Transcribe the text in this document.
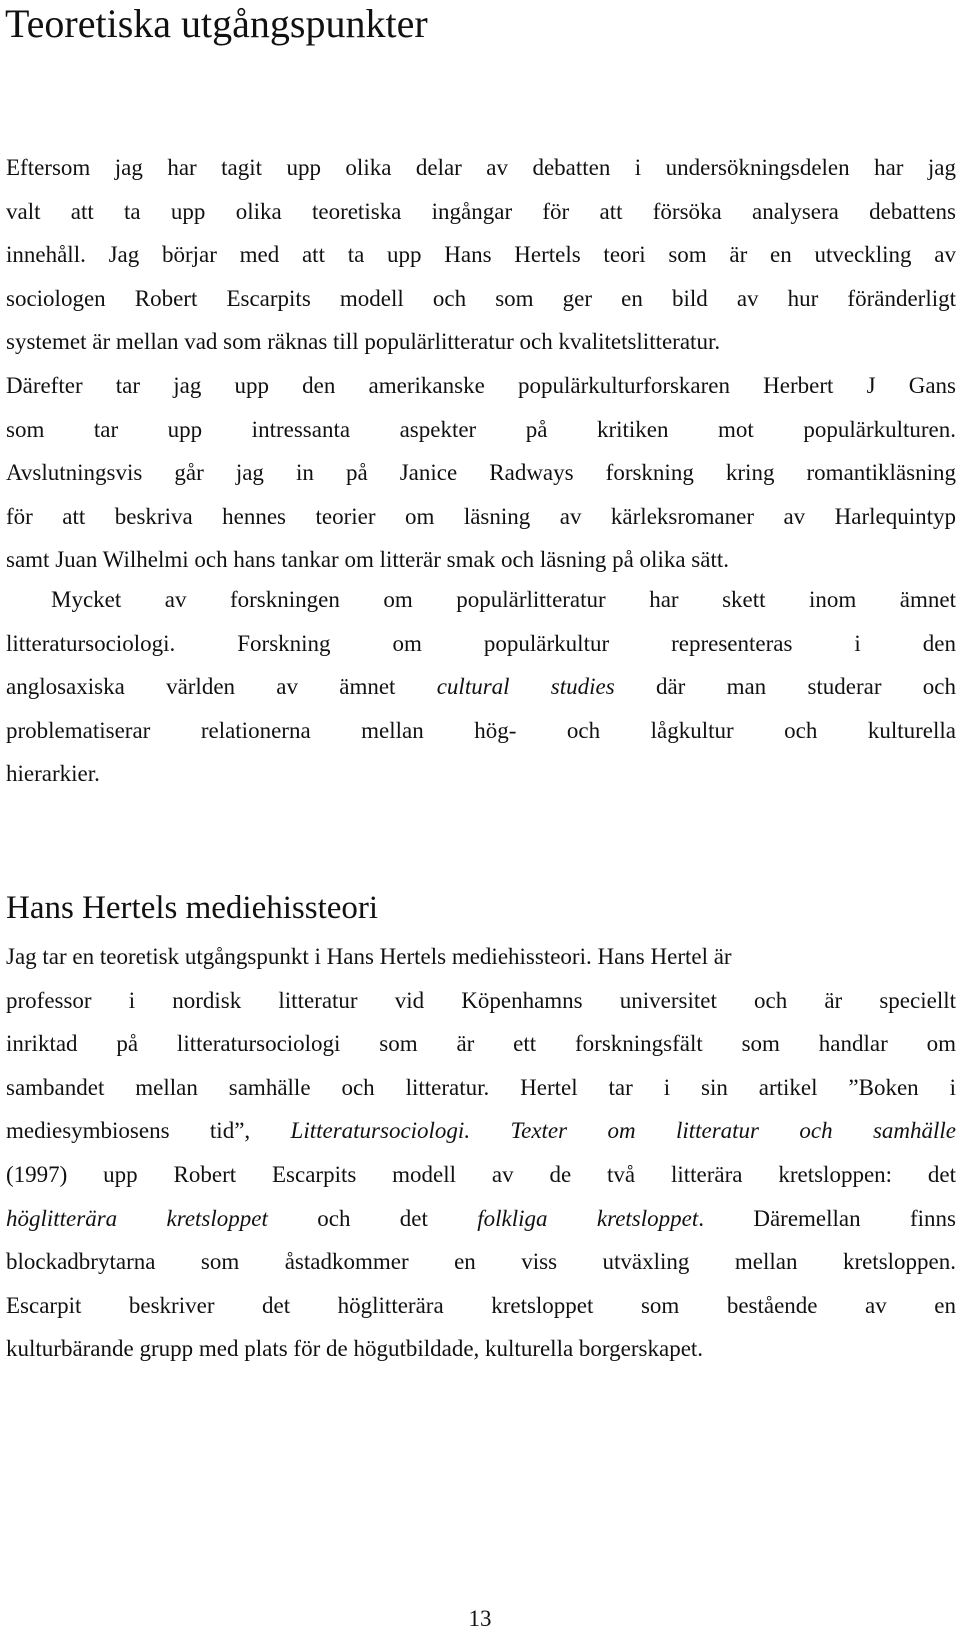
Teoretiska utgångspunkter
Eftersom jag har tagit upp olika delar av debatten i undersökningsdelen har jag
valt att ta upp olika teoretiska ingångar för att försöka analysera debattens
innehåll. Jag börjar med att ta upp Hans Hertels teori som är en utveckling av
sociologen Robert Escarpits modell och som ger en bild av hur föränderligt
systemet är mellan vad som räknas till populärlitteratur och kvalitetslitteratur.
Därefter tar jag upp den amerikanske populärkulturforskaren Herbert J Gans
som tar upp intressanta aspekter på kritiken mot populärkulturen.
Avslutningsvis går jag in på Janice Radways forskning kring romantikläsning
för att beskriva hennes teorier om läsning av kärleksromaner av Harlequintyp
samt Juan Wilhelmi och hans tankar om litterär smak och läsning på olika sätt.
Mycket av forskningen om populärlitteratur har skett inom ämnet
litteratursociologi. Forskning om populärkultur representeras i den
anglosaxiska världen av ämnet cultural studies där man studerar och
problematiserar relationerna mellan hög- och lågkultur och kulturella
hierarkier.
Hans Hertels mediehissteori
Jag tar en teoretisk utgångspunkt i Hans Hertels mediehissteori. Hans Hertel är
professor i nordisk litteratur vid Köpenhamns universitet och är speciellt
inriktad på litteratursociologi som är ett forskningsfält som handlar om
sambandet mellan samhälle och litteratur. Hertel tar i sin artikel ”Boken i
mediesymbiosens tid”, Litteratursociologi. Texter om litteratur och samhälle
(1997) upp Robert Escarpits modell av de två litterära kretsloppen: det
höglitterära kretsloppet och det folkliga kretsloppet. Däremellan finns
blockadbrytarna som åstadkommer en viss utväxling mellan kretsloppen.
Escarpit beskriver det höglitterära kretsloppet som bestående av en
kulturbärande grupp med plats för de högutbildade, kulturella borgerskapet.
13
